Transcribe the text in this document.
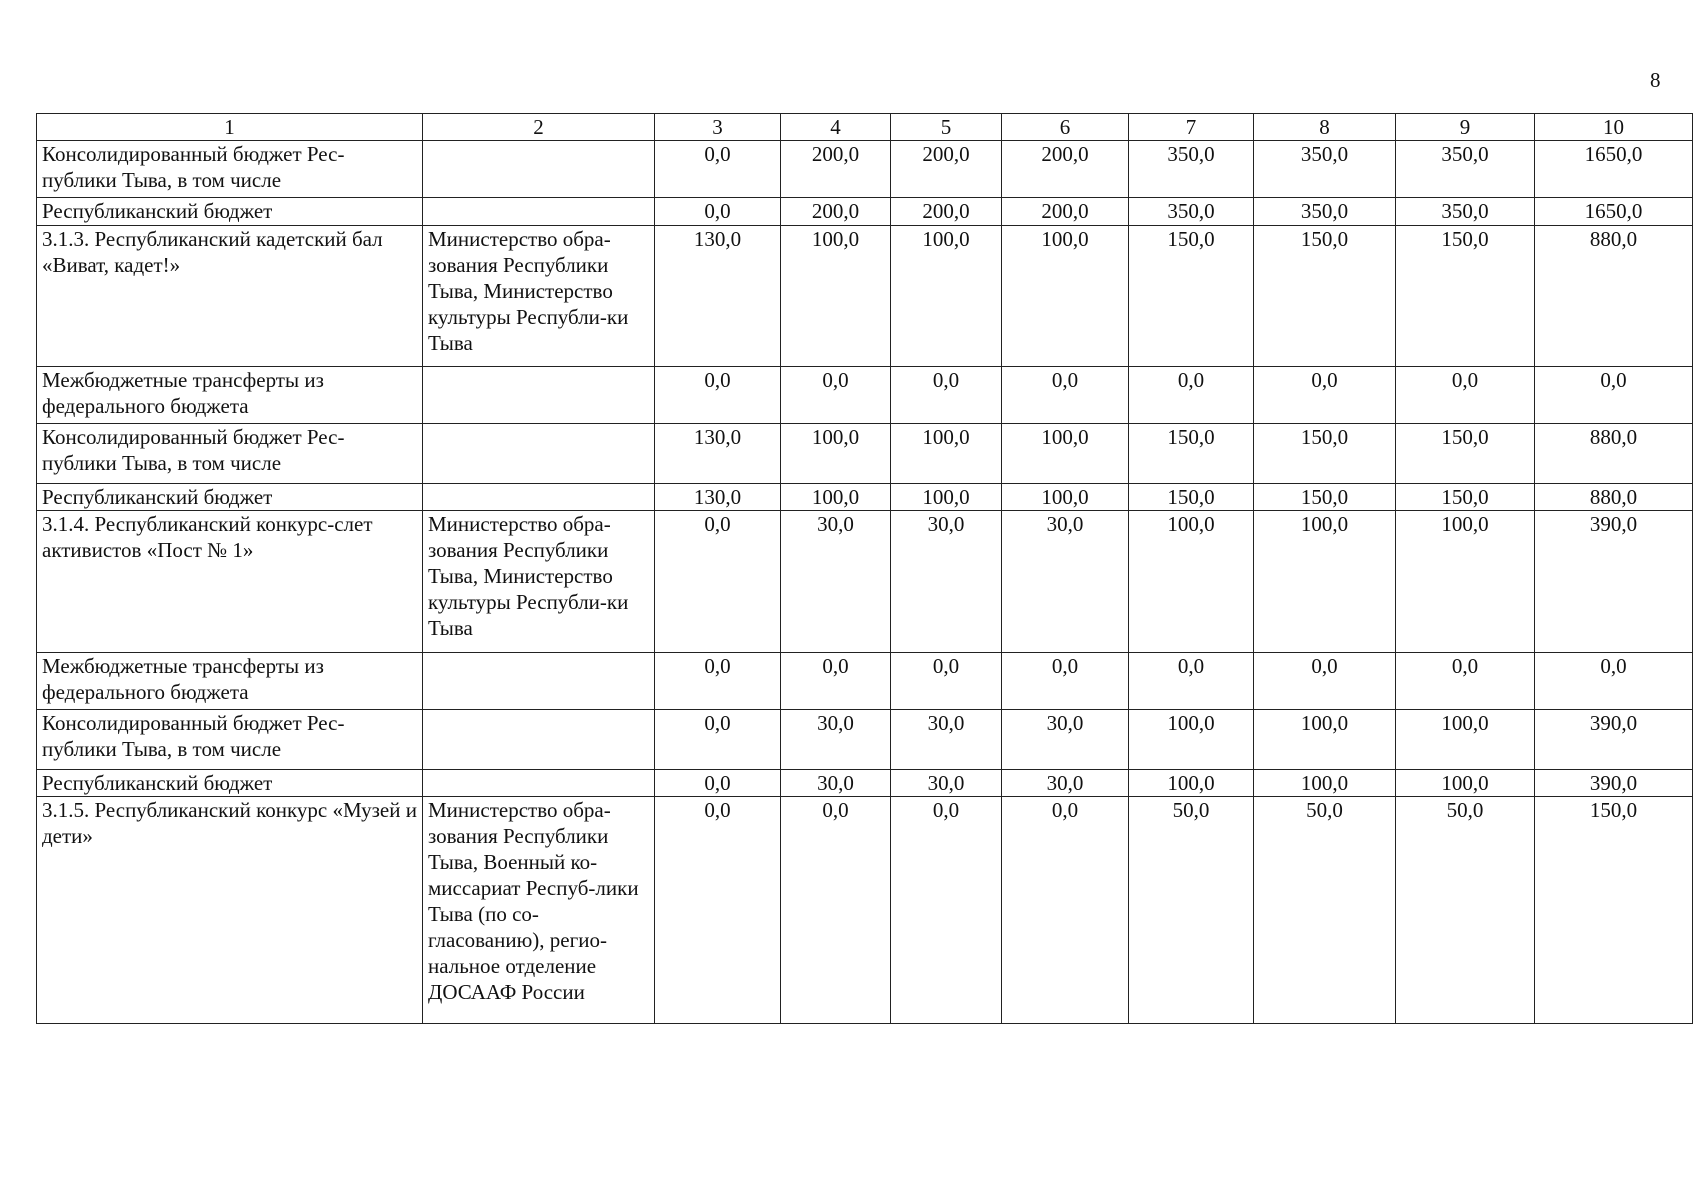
8
1	2	3	4	5	6	7	8	9	10
Консолидированный бюджет Рес-публики Тыва, в том числе		0,0	200,0	200,0	200,0	350,0	350,0	350,0	1650,0
Республиканский бюджет		0,0	200,0	200,0	200,0	350,0	350,0	350,0	1650,0
3.1.3. Республиканский кадетский бал «Виват, кадет!»	Министерство обра-зования Республики Тыва, Министерство культуры Республи-ки Тыва	130,0	100,0	100,0	100,0	150,0	150,0	150,0	880,0
Межбюджетные трансферты из федерального бюджета		0,0	0,0	0,0	0,0	0,0	0,0	0,0	0,0
Консолидированный бюджет Рес-публики Тыва, в том числе		130,0	100,0	100,0	100,0	150,0	150,0	150,0	880,0
Республиканский бюджет		130,0	100,0	100,0	100,0	150,0	150,0	150,0	880,0
3.1.4. Республиканский конкурс-слет активистов «Пост № 1»	Министерство обра-зования Республики Тыва, Министерство культуры Республи-ки Тыва	0,0	30,0	30,0	30,0	100,0	100,0	100,0	390,0
Межбюджетные трансферты из федерального бюджета		0,0	0,0	0,0	0,0	0,0	0,0	0,0	0,0
Консолидированный бюджет Рес-публики Тыва, в том числе		0,0	30,0	30,0	30,0	100,0	100,0	100,0	390,0
Республиканский бюджет		0,0	30,0	30,0	30,0	100,0	100,0	100,0	390,0
3.1.5. Республиканский конкурс «Музей и дети»	Министерство обра-зования Республики Тыва, Военный ко-миссариат Респуб-лики Тыва (по со-гласованию), регио-нальное отделение ДОСААФ России	0,0	0,0	0,0	0,0	50,0	50,0	50,0	150,0
